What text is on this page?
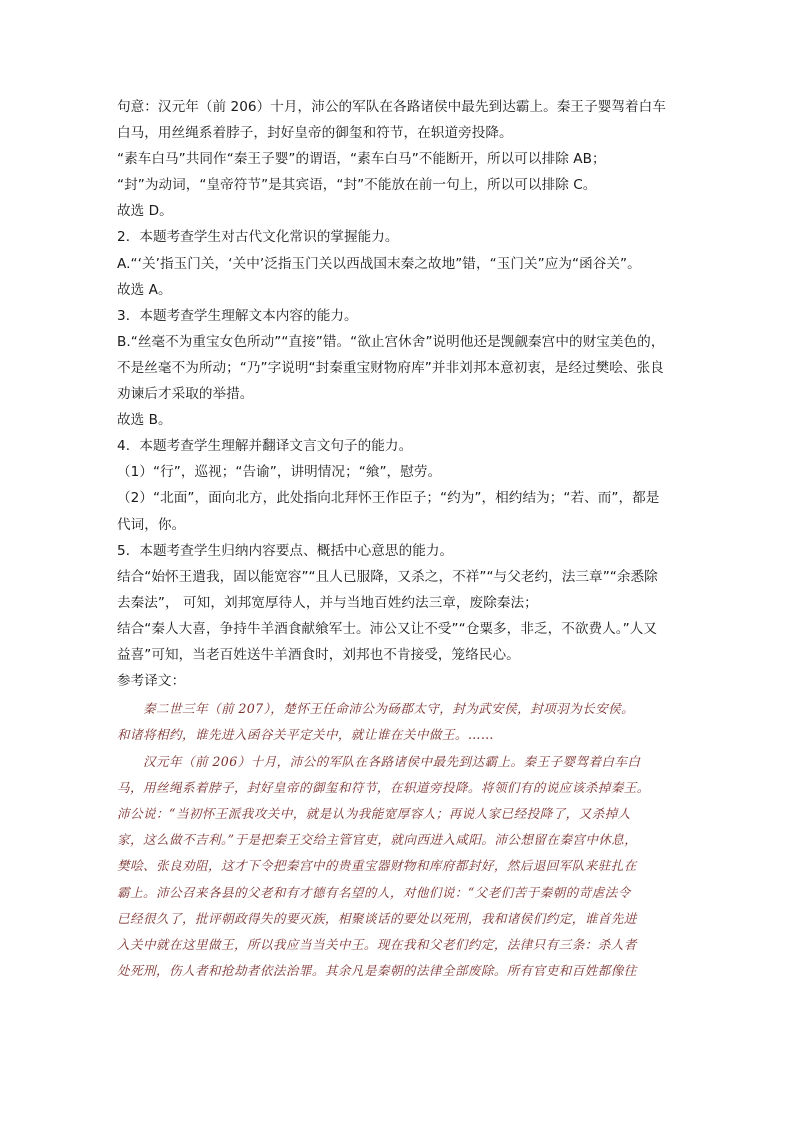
句意：汉元年（前 206）十月，沛公的军队在各路诸侯中最先到达霸上。秦王子婴驾着白车
白马，用丝绳系着脖子，封好皇帝的御玺和符节，在轵道旁投降。
“素车白马”共同作“秦王子婴”的谓语，“素车白马”不能断开，所以可以排除 AB；
“封”为动词，“皇帝符节”是其宾语，“封”不能放在前一句上，所以可以排除 C。
故选 D。
2．本题考查学生对古代文化常识的掌握能力。
A.“‘关’指玉门关，‘关中’泛指玉门关以西战国末秦之故地”错，“玉门关”应为“函谷关”。
故选 A。
3．本题考查学生理解文本内容的能力。
B.“丝毫不为重宝女色所动”“直接”错。“欲止宫休舍”说明他还是觊觎秦宫中的财宝美色的，
不是丝毫不为所动；“乃”字说明“封秦重宝财物府库”并非刘邦本意初衷，是经过樊哙、张良
劝谏后才采取的举措。
故选 B。
4．本题考查学生理解并翻译文言文句子的能力。
（1）“行”，巡视；“告谕”，讲明情况；“飨”，慰劳。
（2）“北面”，面向北方，此处指向北拜怀王作臣子；“约为”，相约结为；“若、而”，都是
代词，你。
5．本题考查学生归纳内容要点、概括中心意思的能力。
结合“始怀王遣我，固以能宽容”“且人已服降，又杀之，不祥”“与父老约，法三章”“余悉除
去秦法”， 可知，刘邦宽厚待人，并与当地百姓约法三章，废除秦法；
结合“秦人大喜，争持牛羊酒食献飨军士。沛公又让不受”“仓粟多，非乏，不欲费人。”人又
益喜”可知，当老百姓送牛羊酒食时，刘邦也不肯接受，笼络民心。
参考译文：
秦二世三年（前 207），楚怀王任命沛公为砀郡太守，封为武安侯，封项羽为长安侯。
和诸将相约，谁先进入函谷关平定关中，就让谁在关中做王。……
汉元年（前 206）十月，沛公的军队在各路诸侯中最先到达霸上。秦王子婴驾着白车白
马，用丝绳系着脖子，封好皇帝的御玺和符节，在轵道旁投降。将领们有的说应该杀掉秦王。
沛公说：“当初怀王派我攻关中，就是认为我能宽厚容人；再说人家已经投降了，又杀掉人
家，这么做不吉利。”于是把秦王交给主管官吏，就向西进入咸阳。沛公想留在秦宫中休息，
樊哙、张良劝阻，这才下令把秦宫中的贵重宝器财物和库府都封好，然后退回军队来驻扎在
霸上。沛公召来各县的父老和有才德有名望的人，对他们说：“父老们苦于秦朝的苛虐法令
已经很久了，批评朝政得失的要灭族，相聚谈话的要处以死刑，我和诸侯们约定，谁首先进
入关中就在这里做王，所以我应当当关中王。现在我和父老们约定，法律只有三条：杀人者
处死刑，伤人者和抢劫者依法治罪。其余凡是秦朝的法律全部废除。所有官吏和百姓都像往
